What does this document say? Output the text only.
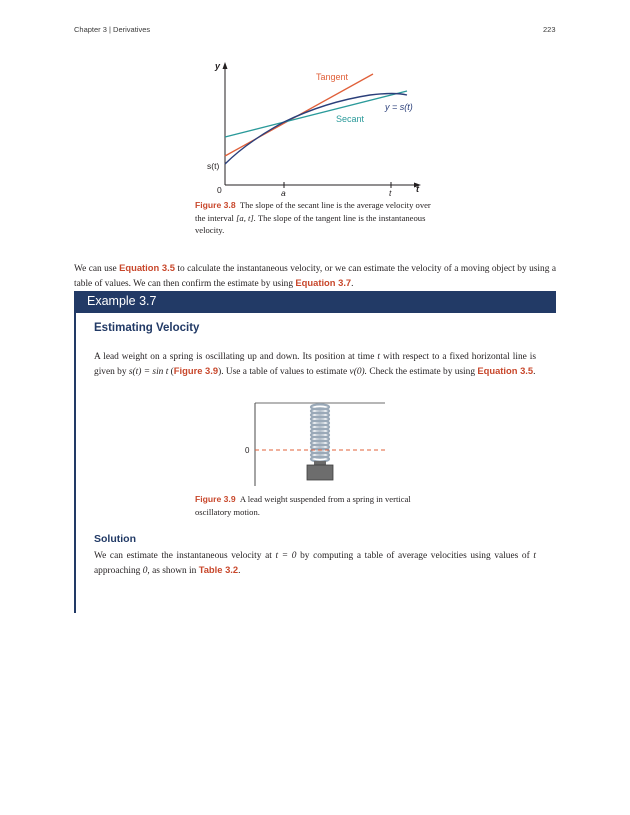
Chapter 3 | Derivatives	223
y
t
0	a	t
s(t)
Tangent
Secant
y = s(t)
Figure 3.8 The slope of the secant line is the average velocity over the interval [a, t]. The slope of the tangent line is the instantaneous velocity.
We can use Equation 3.5 to calculate the instantaneous velocity, or we can estimate the velocity of a moving object by using a table of values. We can then confirm the estimate by using Equation 3.7.
Example 3.7
Estimating Velocity
A lead weight on a spring is oscillating up and down. Its position at time t with respect to a fixed horizontal line is given by s(t) = sin t (Figure 3.9). Use a table of values to estimate v(0). Check the estimate by using Equation 3.5.
0
Figure 3.9 A lead weight suspended from a spring in vertical oscillatory motion.
Solution
We can estimate the instantaneous velocity at t = 0 by computing a table of average velocities using values of t approaching 0, as shown in Table 3.2.
